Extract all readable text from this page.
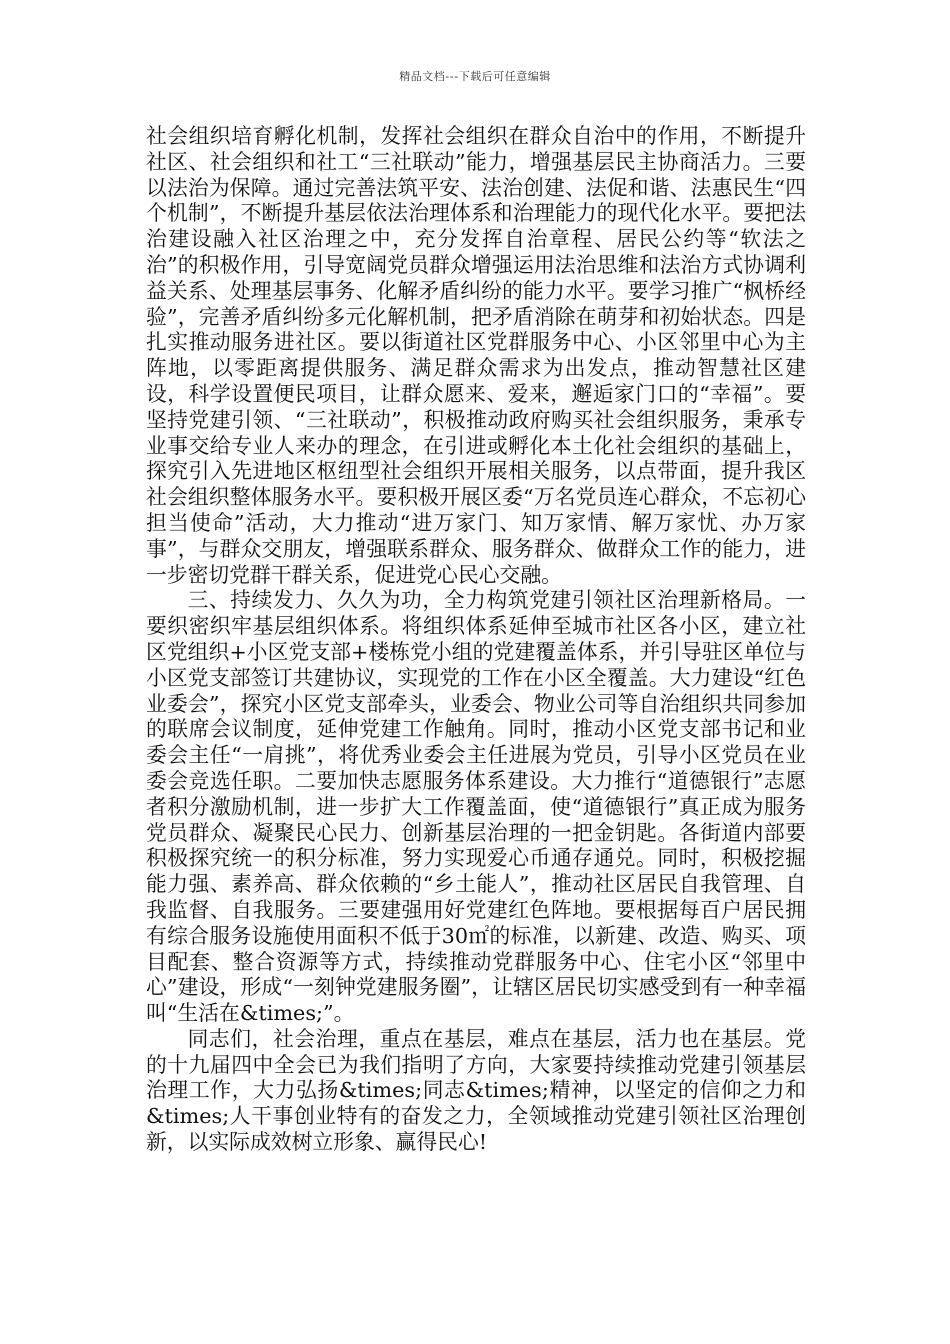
精品文档---下载后可任意编辑

社会组织培育孵化机制，发挥社会组织在群众自治中的作用，不断提升社区、社会组织和社工“三社联动”能力，增强基层民主协商活力。三要以法治为保障。通过完善法筑平安、法治创建、法促和谐、法惠民生“四个机制”，不断提升基层依法治理体系和治理能力的现代化水平。要把法治建设融入社区治理之中，充分发挥自治章程、居民公约等“软法之治”的积极作用，引导宽阔党员群众增强运用法治思维和法治方式协调利益关系、处理基层事务、化解矛盾纠纷的能力水平。要学习推广“枫桥经验”，完善矛盾纠纷多元化解机制，把矛盾消除在萌芽和初始状态。四是扎实推动服务进社区。要以街道社区党群服务中心、小区邻里中心为主阵地，以零距离提供服务、满足群众需求为出发点，推动智慧社区建设，科学设置便民项目，让群众愿来、爱来，邂逅家门口的“幸福”。要坚持党建引领、“三社联动”，积极推动政府购买社会组织服务，秉承专业事交给专业人来办的理念，在引进或孵化本土化社会组织的基础上，探究引入先进地区枢纽型社会组织开展相关服务，以点带面，提升我区社会组织整体服务水平。要积极开展区委“万名党员连心群众，不忘初心担当使命”活动，大力推动“进万家门、知万家情、解万家忧、办万家事”，与群众交朋友，增强联系群众、服务群众、做群众工作的能力，进一步密切党群干群关系，促进党心民心交融。

三、持续发力、久久为功，全力构筑党建引领社区治理新格局。一要织密织牢基层组织体系。将组织体系延伸至城市社区各小区，建立社区党组织+小区党支部+楼栋党小组的党建覆盖体系，并引导驻区单位与小区党支部签订共建协议，实现党的工作在小区全覆盖。大力建设“红色业委会”，探究小区党支部牵头，业委会、物业公司等自治组织共同参加的联席会议制度，延伸党建工作触角。同时，推动小区党支部书记和业委会主任“一肩挑”，将优秀业委会主任进展为党员，引导小区党员在业委会竞选任职。二要加快志愿服务体系建设。大力推行“道德银行”志愿者积分激励机制，进一步扩大工作覆盖面，使“道德银行”真正成为服务党员群众、凝聚民心民力、创新基层治理的一把金钥匙。各街道内部要积极探究统一的积分标准，努力实现爱心币通存通兑。同时，积极挖掘能力强、素养高、群众依赖的“乡土能人”，推动社区居民自我管理、自我监督、自我服务。三要建强用好党建红色阵地。要根据每百户居民拥有综合服务设施使用面积不低于30㎡的标准，以新建、改造、购买、项目配套、整合资源等方式，持续推动党群服务中心、住宅小区“邻里中心”建设，形成“一刻钟党建服务圈”，让辖区居民切实感受到有一种幸福叫“生活在&times;”。

同志们，社会治理，重点在基层，难点在基层，活力也在基层。党的十九届四中全会已为我们指明了方向，大家要持续推动党建引领基层治理工作，大力弘扬&times;同志&times;精神，以坚定的信仰之力和&times;人干事创业特有的奋发之力，全领域推动党建引领社区治理创新，以实际成效树立形象、赢得民心!
